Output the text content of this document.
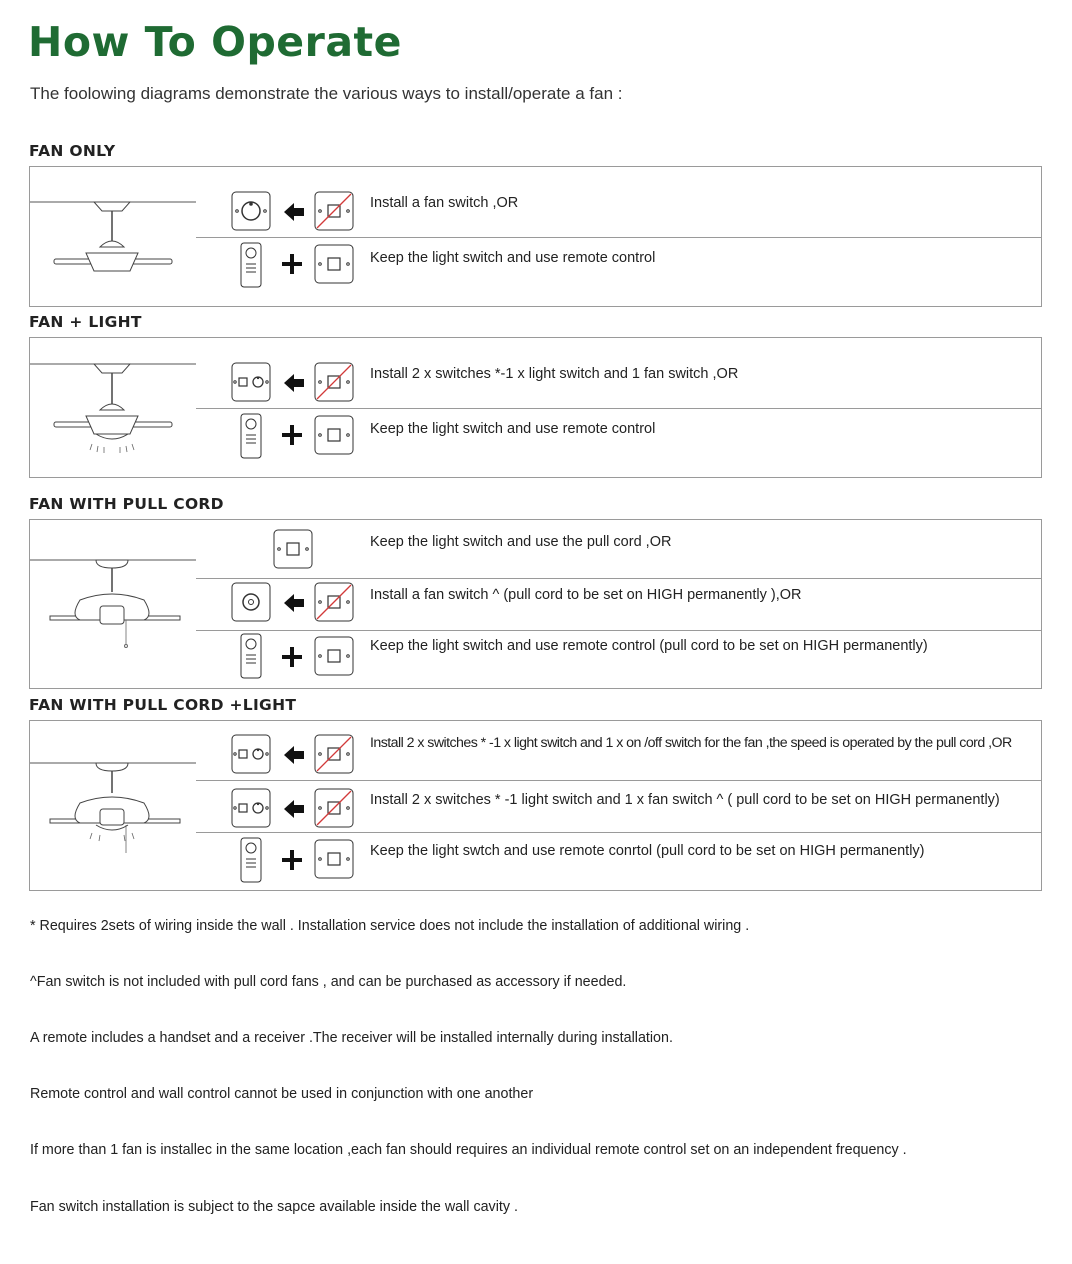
How To Operate
The foolowing diagrams demonstrate the various ways to install/operate a fan :
FAN ONLY
Install a fan switch ,OR
Keep the light switch and use remote control
FAN + LIGHT
Install 2 x switches *-1 x light switch and 1 fan switch ,OR
Keep the light switch and use remote control
FAN WITH PULL CORD
Keep the light switch and use the pull cord ,OR
Install a fan switch ^ (pull cord to be set on HIGH permanently ),OR
Keep the light switch and use remote control (pull cord to be set on HIGH permanently)
FAN WITH PULL CORD +LIGHT
Install 2 x switches * -1 x light switch and 1 x on /off switch for the fan ,the speed is operated by the pull cord ,OR
Install 2 x switches * -1 light switch and 1 x fan switch ^ ( pull cord to be set on HIGH permanently)
Keep the light swtch and use remote conrtol (pull cord to be set on HIGH permanently)
* Requires 2sets of wiring inside the wall . Installation service does not include the installation of additional wiring .
^Fan switch is not included with pull cord fans , and can be purchased as accessory if needed.
A remote includes a handset and a receiver .The receiver will be installed internally during installation.
Remote control and wall control cannot be used in conjunction with one another
If more than 1 fan is installec in the same location ,each fan should requires an individual remote control set on an independent frequency .
Fan switch installation is subject to the sapce available inside the wall cavity .
